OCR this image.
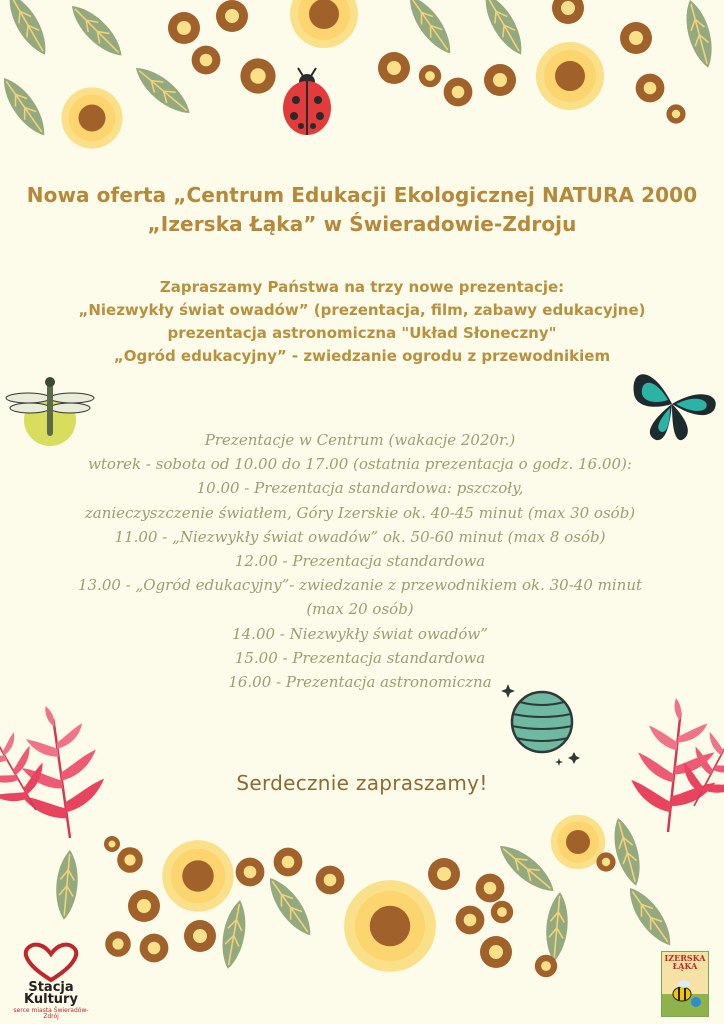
Nowa oferta „Centrum Edukacji Ekologicznej NATURA 2000
„Izerska Łąka” w Świeradowie-Zdroju
Zapraszamy Państwa na trzy nowe prezentacje:
„Niezwykły świat owadów” (prezentacja, film, zabawy edukacyjne)
prezentacja astronomiczna "Układ Słoneczny"
„Ogród edukacyjny” - zwiedzanie ogrodu z przewodnikiem
Prezentacje w Centrum (wakacje 2020r.)
wtorek - sobota od 10.00 do 17.00 (ostatnia prezentacja o godz. 16.00):
10.00 - Prezentacja standardowa: pszczoły,
zanieczyszczenie światłem, Góry Izerskie ok. 40-45 minut (max 30 osób)
11.00 - „Niezwykły świat owadów” ok. 50-60 minut (max 8 osób)
12.00 - Prezentacja standardowa
13.00 - „Ogród edukacyjny”- zwiedzanie z przewodnikiem ok. 30-40 minut
(max 20 osób)
14.00 - Niezwykły świat owadów”
15.00 - Prezentacja standardowa
16.00 - Prezentacja astronomiczna
Serdecznie zapraszamy!
Stacja Kultury
serce miasta Świeradów-Zdrój
IZERSKA ŁĄKA
